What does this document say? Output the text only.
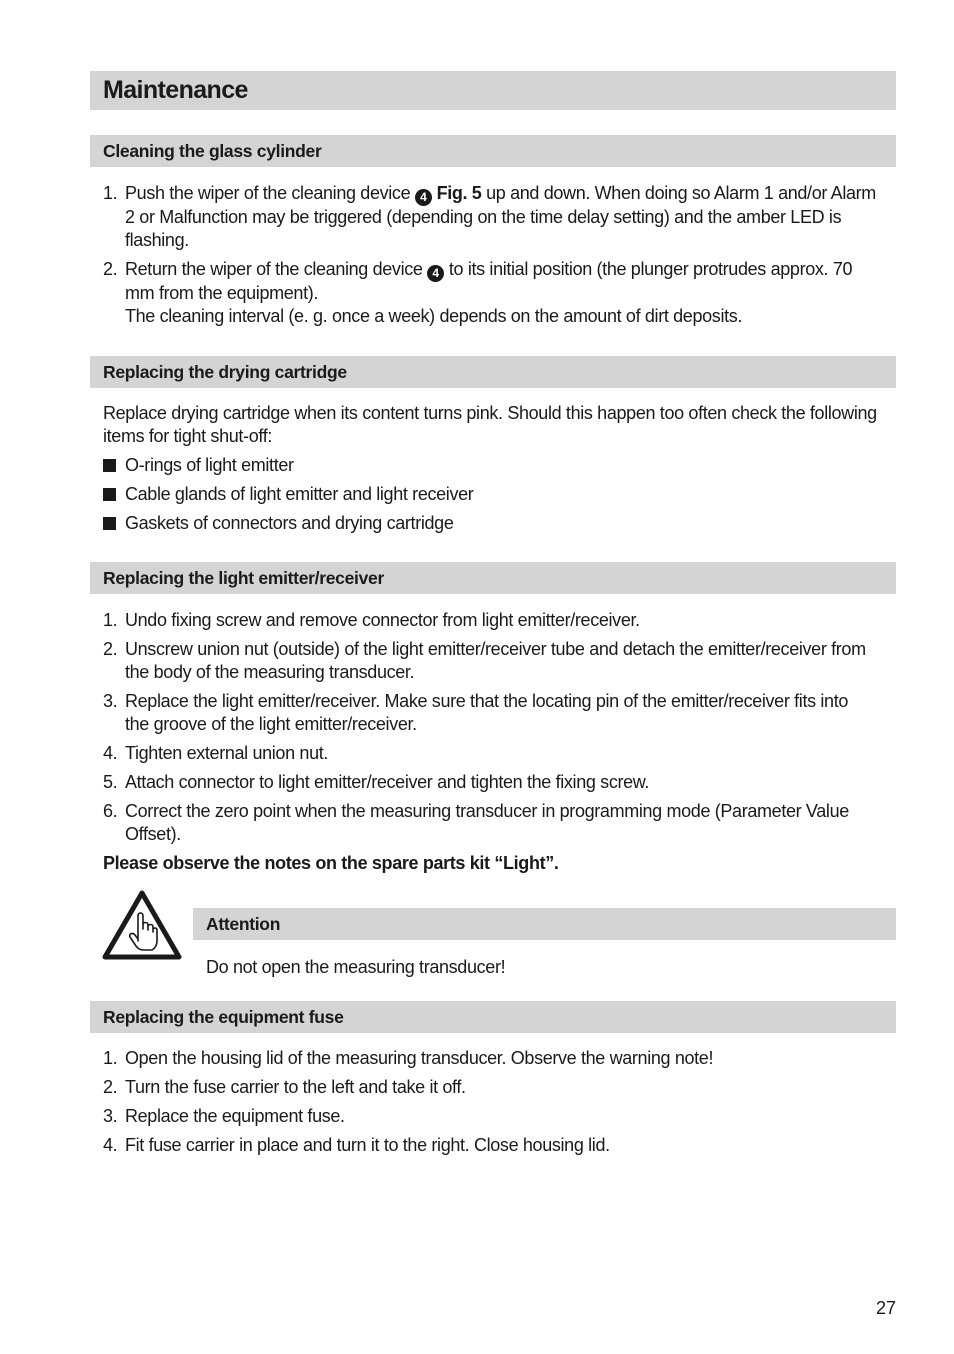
Maintenance
Cleaning the glass cylinder
1. Push the wiper of the cleaning device 4 Fig. 5 up and down. When doing so Alarm 1 and/or Alarm 2 or Malfunction may be triggered (depending on the time delay setting) and the amber LED is flashing.
2. Return the wiper of the cleaning device 4 to its initial position (the plunger protrudes approx. 70 mm from the equipment).
The cleaning interval (e. g. once a week) depends on the amount of dirt deposits.
Replacing the drying cartridge
Replace drying cartridge when its content turns pink. Should this happen too often check the following items for tight shut-off:
O-rings of light emitter
Cable glands of light emitter and light receiver
Gaskets of connectors and drying cartridge
Replacing the light emitter/receiver
1. Undo fixing screw and remove connector from light emitter/receiver.
2. Unscrew union nut (outside) of the light emitter/receiver tube and detach the emitter/receiver from the body of the measuring transducer.
3. Replace the light emitter/receiver. Make sure that the locating pin of the emitter/receiver fits into the groove of the light emitter/receiver.
4. Tighten external union nut.
5. Attach connector to light emitter/receiver and tighten the fixing screw.
6. Correct the zero point when the measuring transducer in programming mode (Parameter Value Offset).
Please observe the notes on the spare parts kit “Light”.
Attention
Do not open the measuring transducer!
Replacing the equipment fuse
1. Open the housing lid of the measuring transducer. Observe the warning note!
2. Turn the fuse carrier to the left and take it off.
3. Replace the equipment fuse.
4. Fit fuse carrier in place and turn it to the right. Close housing lid.
27
